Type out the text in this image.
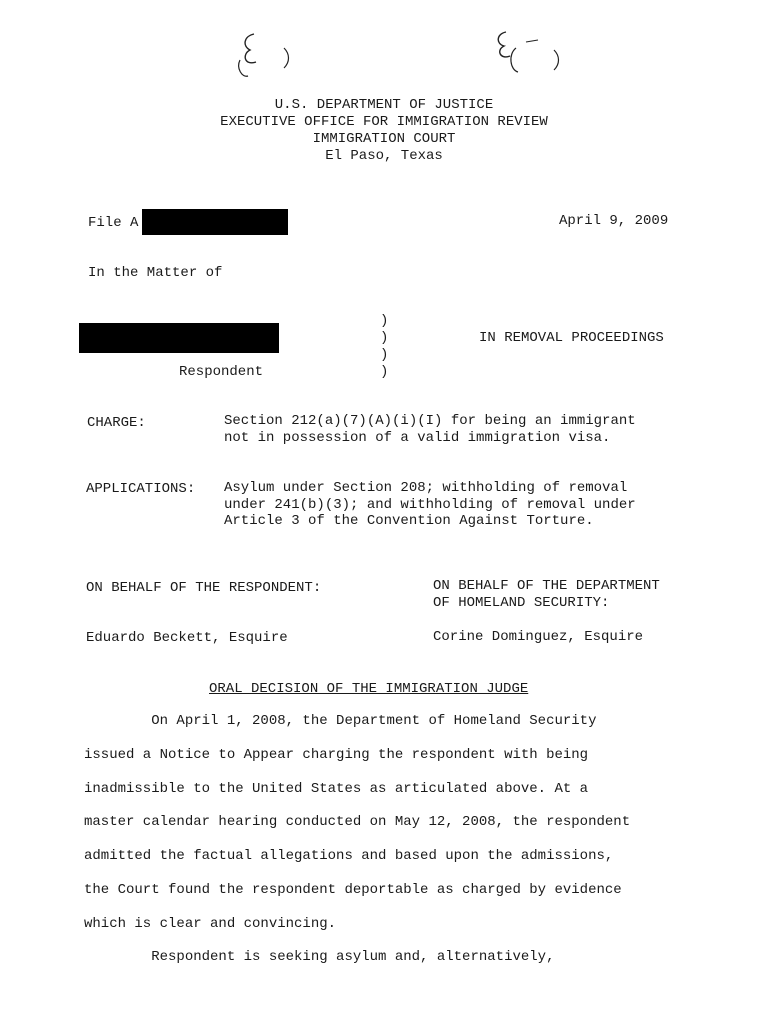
U.S. DEPARTMENT OF JUSTICE
EXECUTIVE OFFICE FOR IMMIGRATION REVIEW
IMMIGRATION COURT
El Paso, Texas
File A	April 9, 2009
In the Matter of
)
)
)
)
IN REMOVAL PROCEEDINGS
Respondent
CHARGE:	Section 212(a)(7)(A)(i)(I) for being an immigrant
not in possession of a valid immigration visa.
APPLICATIONS: Asylum under Section 208; withholding of removal
under 241(b)(3); and withholding of removal under
Article 3 of the Convention Against Torture.
ON BEHALF OF THE RESPONDENT:	ON BEHALF OF THE DEPARTMENT
OF HOMELAND SECURITY:
Eduardo Beckett, Esquire	Corine Dominguez, Esquire
ORAL DECISION OF THE IMMIGRATION JUDGE
On April 1, 2008, the Department of Homeland Security
issued a Notice to Appear charging the respondent with being
inadmissible to the United States as articulated above. At a
master calendar hearing conducted on May 12, 2008, the respondent
admitted the factual allegations and based upon the admissions,
the Court found the respondent deportable as charged by evidence
which is clear and convincing.
Respondent is seeking asylum and, alternatively,
